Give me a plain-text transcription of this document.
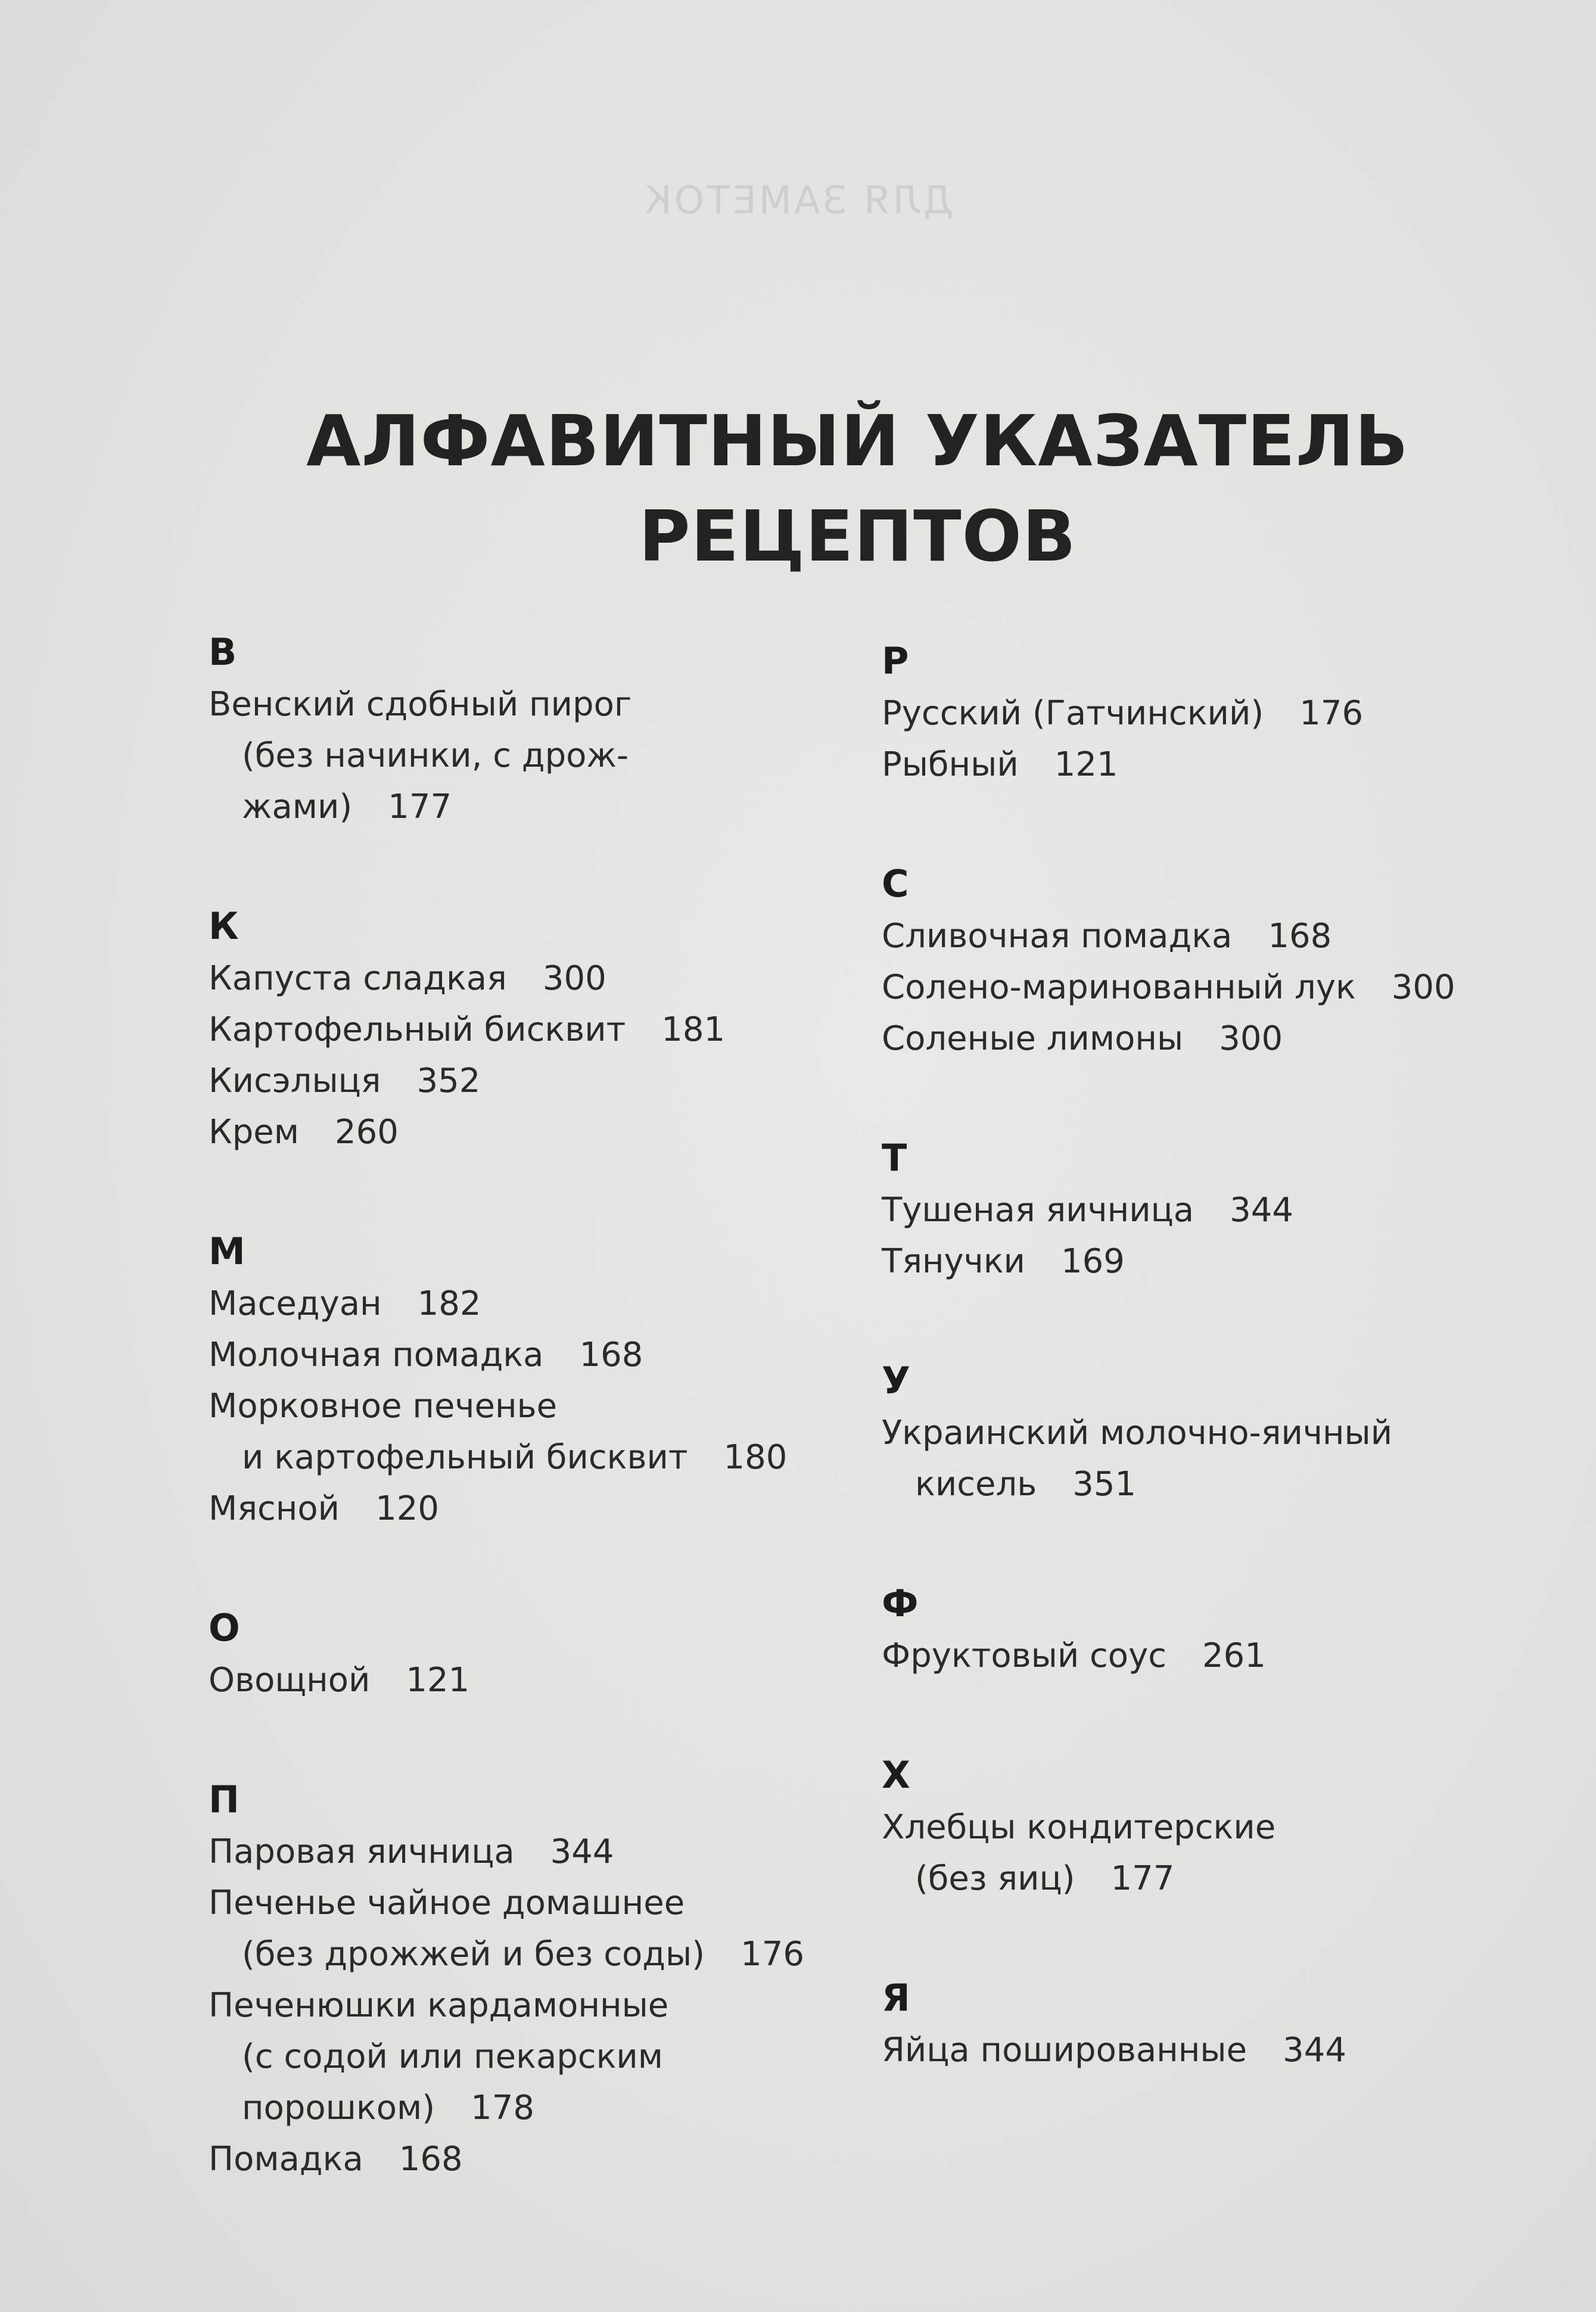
ДЛЯ ЗАМЕТОК
АЛФАВИТНЫЙ УКАЗАТЕЛЬ
РЕЦЕПТОВ
В
Венский сдобный пирог
(без начинки, с дрож-
жами) 177
К
Капуста сладкая 300
Картофельный бисквит 181
Кисэлыця 352
Крем 260
М
Маседуан 182
Молочная помадка 168
Морковное печенье
и картофельный бисквит 180
Мясной 120
О
Овощной 121
П
Паровая яичница 344
Печенье чайное домашнее
(без дрожжей и без соды) 176
Печенюшки кардамонные
(с содой или пекарским
порошком) 178
Помадка 168
Р
Русский (Гатчинский) 176
Рыбный 121
С
Сливочная помадка 168
Солено-маринованный лук 300
Соленые лимоны 300
Т
Тушеная яичница 344
Тянучки 169
У
Украинский молочно-яичный
кисель 351
Ф
Фруктовый соус 261
Х
Хлебцы кондитерские
(без яиц) 177
Я
Яйца пошированные 344
